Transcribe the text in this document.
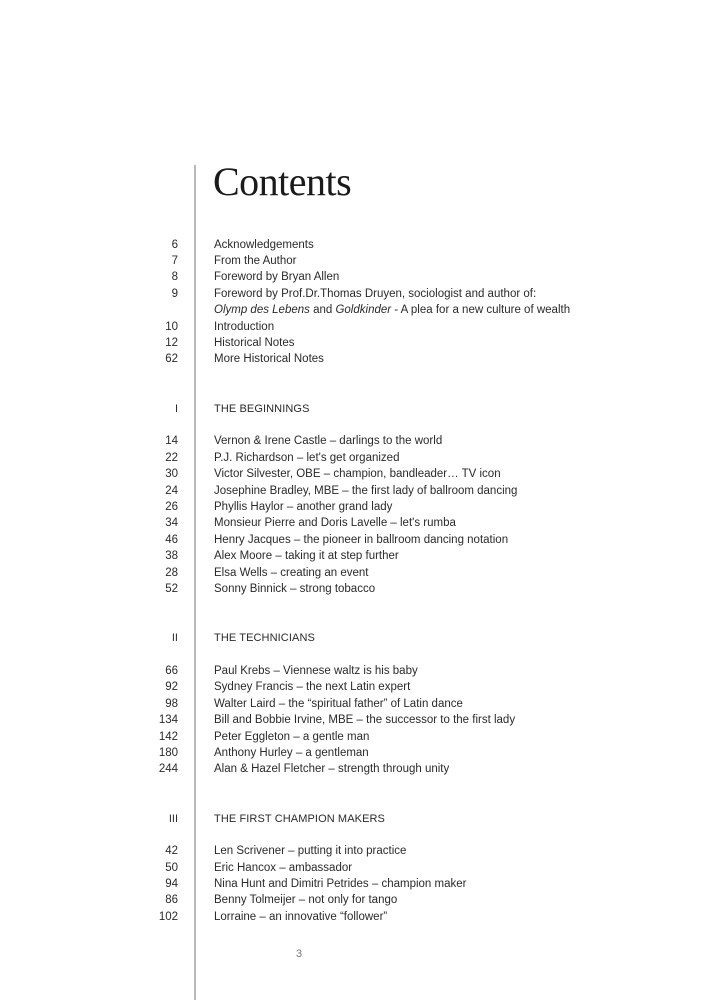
Contents
6	Acknowledgements
7	From the Author
8	Foreword by Bryan Allen
9	Foreword by Prof.Dr.Thomas Druyen, sociologist and author of:
Olymp des Lebens and Goldkinder - A plea for a new culture of wealth
10	Introduction
12	Historical Notes
62	More Historical Notes
I	THE BEGINNINGS
14	Vernon & Irene Castle – darlings to the world
22	P.J. Richardson – let's get organized
30	Victor Silvester, OBE – champion, bandleader… TV icon
24	Josephine Bradley, MBE – the first lady of ballroom dancing
26	Phyllis Haylor – another grand lady
34	Monsieur Pierre and Doris Lavelle – let's rumba
46	Henry Jacques – the pioneer in ballroom dancing notation
38	Alex Moore – taking it at step further
28	Elsa Wells – creating an event
52	Sonny Binnick – strong tobacco
II	THE TECHNICIANS
66	Paul Krebs – Viennese waltz is his baby
92	Sydney Francis – the next Latin expert
98	Walter Laird – the “spiritual father” of Latin dance
134	Bill and Bobbie Irvine, MBE – the successor to the first lady
142	Peter Eggleton – a gentle man
180	Anthony Hurley – a gentleman
244	Alan & Hazel Fletcher – strength through unity
III	THE FIRST CHAMPION MAKERS
42	Len Scrivener – putting it into practice
50	Eric Hancox – ambassador
94	Nina Hunt and Dimitri Petrides – champion maker
86	Benny Tolmeijer – not only for tango
102	Lorraine – an innovative “follower”
3
